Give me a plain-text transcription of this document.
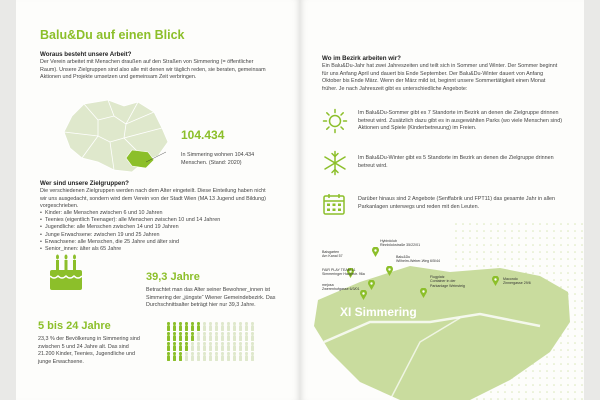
Balu&Du auf einen Blick
Woraus besteht unsere Arbeit?
Der Verein arbeitet mit Menschen draußen auf den Straßen von Simmering (= öffentlicher Raum). Unsere Zielgruppen sind also alle mit denen wir täglich reden, sie beraten, gemeinsam Aktionen und Projekte umsetzen und gemeinsam Zeit verbringen.
104.434
In Simmering wohnen 104.434 Menschen. (Stand: 2020)
Wer sind unsere Zielgruppen?
Die verschiedenen Zielgruppen werden nach dem Alter eingeteilt. Diese Einteilung haben nicht wir uns ausgedacht, sondern wird dem Verein von der Stadt Wien (MA 13 Jugend und Bildung) vorgeschrieben.
• Kinder: alle Menschen zwischen 6 und 10 Jahren
• Teenies (eigentlich Teenager): alle Menschen zwischen 10 und 14 Jahren
• Jugendliche: alle Menschen zwischen 14 und 19 Jahren
• Junge Erwachsene: zwischen 19 und 25 Jahren
• Erwachsene: alle Menschen, die 25 Jahre und älter sind
• Senior_innen: älter als 65 Jahre
39,3 Jahre
Betrachtet man das Alter seiner Bewohner_innen ist Simmering der „jüngste“ Wiener Gemeindebezirk. Das Durchschnittsalter beträgt hier nur 39,3 Jahre.
5 bis 24 Jahre
23,3 % der Bevölkerung in Simmering sind zwischen 5 und 24 Jahre alt. Das sind 21.200 Kinder, Teenies, Jugendliche und junge Erwachsene.
Wo im Bezirk arbeiten wir?
Ein Balu&Du-Jahr hat zwei Jahreszeiten und teilt sich in Sommer und Winter. Der Sommer beginnt für uns Anfang April und dauert bis Ende September. Der Balu&Du-Winter dauert von Anfang Oktober bis Ende März. Wenn der März mild ist, beginnt unsere Sommertätigkeit einen Monat früher. Je nach Jahreszeit gibt es unterschiedliche Angebote:
Im Balu&Du-Sommer gibt es 7 Standorte im Bezirk an denen die Zielgruppe drinnen betreut wird. Zusätzlich dazu gibt es in ausgewählten Parks (wo viele Menschen sind) Aktionen und Spiele (Kinderbetreuung) im Freien.
Im Balu&Du-Winter gibt es 5 Standorte im Bezirk an denen die Zielgruppe drinnen betreut wird.
Darüber hinaus sind 2 Angebote (Senffabrik und FPT11) das gesamte Jahr in allen Parkanlagen unterwegs und reden mit den Leuten.
XI Simmering
Baisgarten
Am Kanal 57
FAIR PLAY TEAM 11
Simmeringer Hauptstr. 96a
mejosa
Zwerenhofgasse 6/3/01
Hybirdclub
Rinnböckstraße 35/22/01
Balu&Du
Wilhelm-Weber-Weg 6/5/44
Flugplatz
Container in der
Parkanlage Weinsteig
Macondo
Zinnergasse 29/6
